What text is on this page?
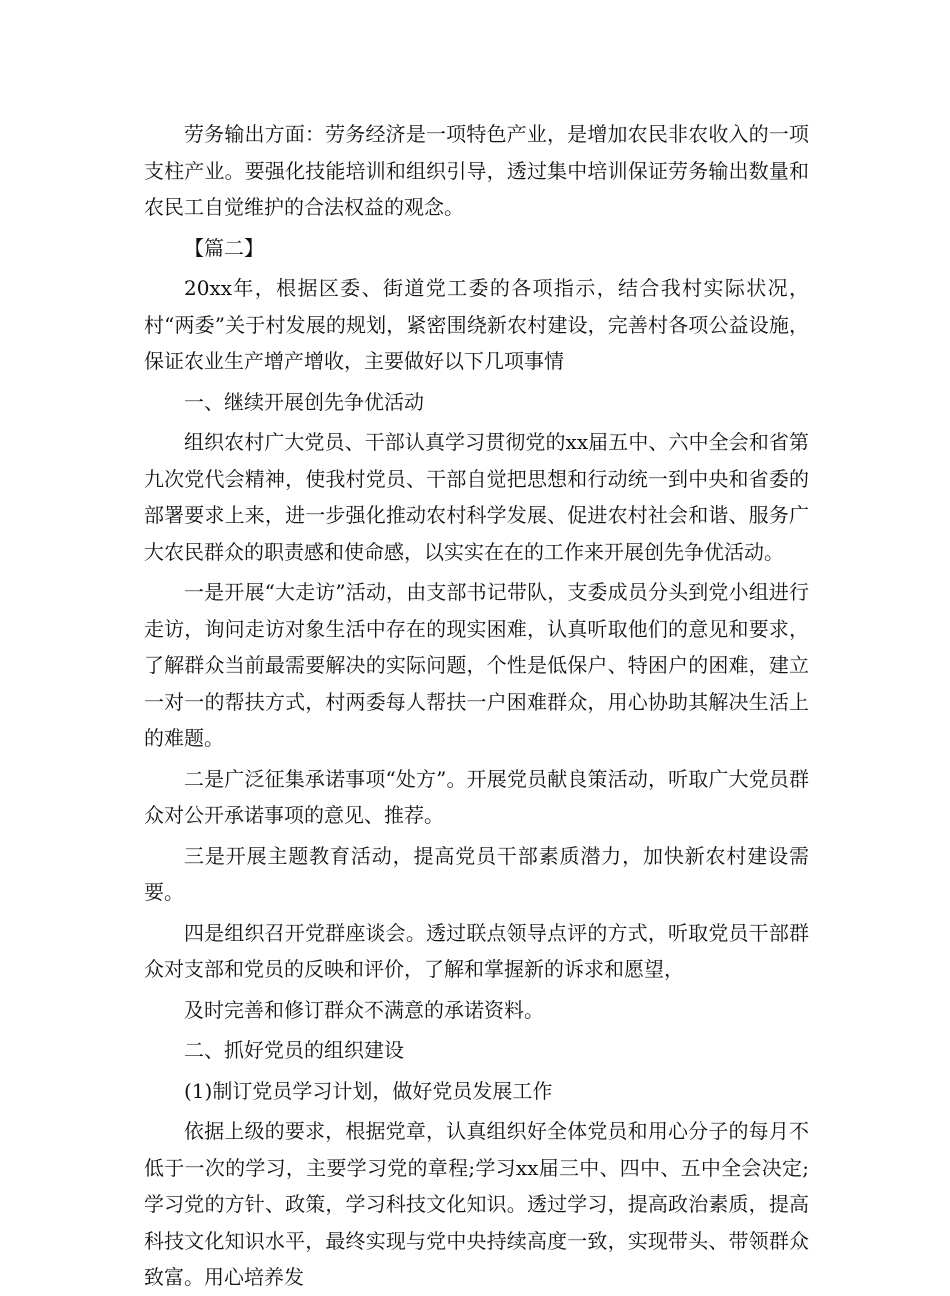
劳务输出方面：劳务经济是一项特色产业，是增加农民非农收入的一项支柱产业。要强化技能培训和组织引导，透过集中培训保证劳务输出数量和农民工自觉维护的合法权益的观念。

【篇二】

20xx年，根据区委、街道党工委的各项指示，结合我村实际状况，村“两委”关于村发展的规划，紧密围绕新农村建设，完善村各项公益设施，保证农业生产增产增收，主要做好以下几项事情

一、继续开展创先争优活动

组织农村广大党员、干部认真学习贯彻党的xx届五中、六中全会和省第九次党代会精神，使我村党员、干部自觉把思想和行动统一到中央和省委的部署要求上来，进一步强化推动农村科学发展、促进农村社会和谐、服务广大农民群众的职责感和使命感，以实实在在的工作来开展创先争优活动。

一是开展“大走访”活动，由支部书记带队，支委成员分头到党小组进行走访，询问走访对象生活中存在的现实困难，认真听取他们的意见和要求，了解群众当前最需要解决的实际问题，个性是低保户、特困户的困难，建立一对一的帮扶方式，村两委每人帮扶一户困难群众，用心协助其解决生活上的难题。

二是广泛征集承诺事项“处方”。开展党员献良策活动，听取广大党员群众对公开承诺事项的意见、推荐。

三是开展主题教育活动，提高党员干部素质潜力，加快新农村建设需要。

四是组织召开党群座谈会。透过联点领导点评的方式，听取党员干部群众对支部和党员的反映和评价，了解和掌握新的诉求和愿望，

及时完善和修订群众不满意的承诺资料。

二、抓好党员的组织建设

(1)制订党员学习计划，做好党员发展工作

依据上级的要求，根据党章，认真组织好全体党员和用心分子的每月不低于一次的学习，主要学习党的章程;学习xx届三中、四中、五中全会决定;学习党的方针、政策，学习科技文化知识。透过学习，提高政治素质，提高科技文化知识水平，最终实现与党中央持续高度一致，实现带头、带领群众致富。用心培养发
